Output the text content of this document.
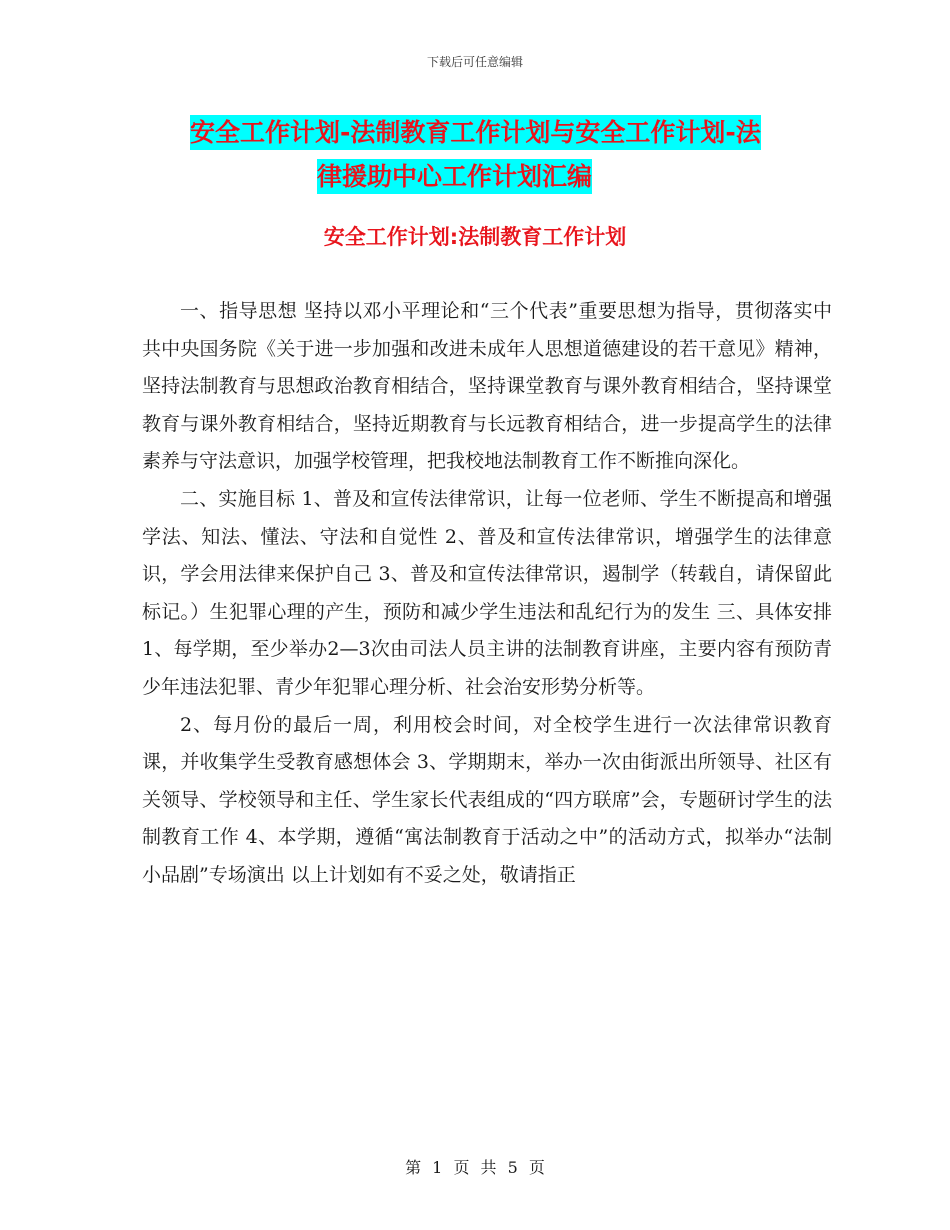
下载后可任意编辑
安全工作计划-法制教育工作计划与安全工作计划-法
律援助中心工作计划汇编
安全工作计划:法制教育工作计划

一、指导思想 坚持以邓小平理论和“三个代表”重要思想为指导，贯彻落实中共中央国务院《关于进一步加强和改进未成年人思想道德建设的若干意见》精神，坚持法制教育与思想政治教育相结合，坚持课堂教育与课外教育相结合，坚持课堂教育与课外教育相结合，坚持近期教育与长远教育相结合，进一步提高学生的法律素养与守法意识，加强学校管理，把我校地法制教育工作不断推向深化。

二、实施目标 1、普及和宣传法律常识，让每一位老师、学生不断提高和增强学法、知法、懂法、守法和自觉性 2、普及和宣传法律常识，增强学生的法律意识，学会用法律来保护自己 3、普及和宣传法律常识，遏制学（转载自，请保留此标记。）生犯罪心理的产生，预防和减少学生违法和乱纪行为的发生 三、具体安排 1、每学期，至少举办2—3次由司法人员主讲的法制教育讲座，主要内容有预防青少年违法犯罪、青少年犯罪心理分析、社会治安形势分析等。

2、每月份的最后一周，利用校会时间，对全校学生进行一次法律常识教育课，并收集学生受教育感想体会 3、学期期末，举办一次由街派出所领导、社区有关领导、学校领导和主任、学生家长代表组成的“四方联席”会，专题研讨学生的法制教育工作 4、本学期，遵循“寓法制教育于活动之中”的活动方式，拟举办“法制小品剧”专场演出 以上计划如有不妥之处，敬请指正

第 1 页 共 5 页
